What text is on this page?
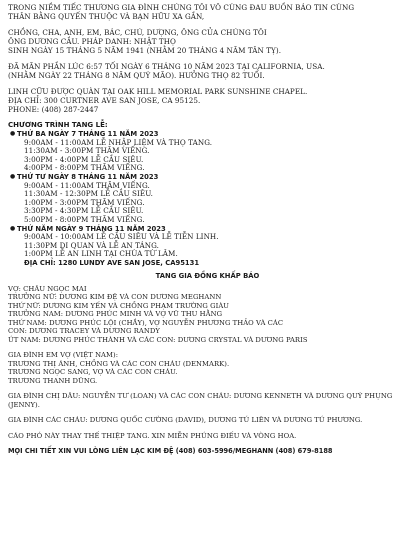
TRONG NIỀM TIẾC THƯƠNG GIA ĐÌNH CHÚNG TÔI VÔ CÙNG ĐAU BUỒN BÁO TIN CÙNG

THÂN BẰNG QUYẾN THUỘC VÀ BẠN HỮU XA GẦN,

CHỒNG, CHA, ANH, EM, BÁC, CHÚ, DƯỢNG, ÔNG CỦA CHÚNG TÔI

ÔNG DƯƠNG CẦU. PHÁP DANH: NHẬT THỌ

SINH NGÀY 15 THÁNG 5 NĂM 1941 (NHẰM 20 THÁNG 4 NĂM TÂN TỴ).

ĐÃ MÃN PHẦN LÚC 6:57 TỐI NGÀY 6 THÁNG 10 NĂM 2023 TẠI CALIFORNIA, USA.

(NHẰM NGÀY 22 THÁNG 8 NĂM QUÝ MÃO). HƯỞNG THỌ 82 TUỔI.

LINH CỮU ĐƯỢC QUÀN TẠI OAK HILL MEMORIAL PARK SUNSHINE CHAPEL.

ĐỊA CHỈ: 300 CURTNER AVE SAN JOSE, CA 95125.

PHONE: (408) 287-2447

CHƯƠNG TRÌNH TANG LỄ:
● THỨ BA NGÀY 7 THÁNG 11 NĂM 2023

9:00AM - 11:00AM LỄ NHẬP LIỆM VÀ THỌ TANG.

11:30AM - 3:00PM THĂM VIẾNG.

3:00PM - 4:00PM LỄ CẦU SIÊU.

4:00PM - 8:00PM THĂM VIẾNG.

● THỨ TƯ NGÀY 8 THÁNG 11 NĂM 2023

9:00AM - 11:00AM THĂM VIẾNG.

11:30AM - 12:30PM LỄ CẦU SIÊU.

1:00PM - 3:00PM THĂM VIẾNG.

3:30PM - 4:30PM LỄ CẦU SIÊU.

5:00PM - 8:00PM THĂM VIẾNG.

● THỨ NĂM NGÀY 9 THÁNG 11 NĂM 2023

9:00AM - 10:00AM LỄ CẦU SIÊU VÀ LỄ TIỄN LINH.

11:30PM DI QUAN VÀ LỄ AN TÁNG.

1:00PM LỄ AN LINH TẠI CHÙA TỪ LÂM.

ĐỊA CHỈ: 1280 LUNDY AVE SAN JOSE, CA95131
TANG GIA ĐỒNG KHẤP BÁO

VỢ: CHÂU NGỌC MAI

TRƯỞNG NỮ: DƯƠNG KIM ĐỆ VÀ CON DƯƠNG MEGHANN

THỨ NỮ: DƯƠNG KIM YẾN VÀ CHỒNG PHẠM TRƯỜNG GIÀU

TRƯỞNG NAM: DƯƠNG PHÚC MINH VÀ VỢ VŨ THU HẰNG

THỨ NAM: DƯƠNG PHÚC LỘI (CHẦY), VỢ NGUYỄN PHƯƠNG THẢO VÀ CÁC

CON: DƯƠNG TRACEY VÀ DƯƠNG RANDY

ÚT NAM: DƯƠNG PHÚC THÀNH VÀ CÁC CON: DƯƠNG CRYSTAL VÀ DƯƠNG PARIS

GIA ĐÌNH EM VỢ (VIỆT NAM):

TRƯƠNG THỊ ÁNH, CHỒNG VÀ CÁC CON CHÁU (DENMARK).

TRƯƠNG NGỌC SANG, VỢ VÀ CÁC CON CHÁU.

TRƯƠNG THANH DŨNG.

GIA ĐÌNH CHỊ DÂU: NGUYỄN TƯ (LOAN) VÀ CÁC CON CHÁU: DƯƠNG KENNETH VÀ DƯƠNG QUÝ PHỤNG

(JENNY).

GIA ĐÌNH CÁC CHÁU: DƯƠNG QUỐC CƯỜNG (DAVID), DƯƠNG TÚ LIÊN VÀ DƯƠNG TÚ PHƯƠNG.

CÁO PHÓ NÀY THAY THẾ THIỆP TANG. XIN MIỄN PHÚNG ĐIẾU VÀ VÒNG HOA.

MỌI CHI TIẾT XIN VUI LÒNG LIÊN LẠC KIM ĐỆ (408) 603-5996/MEGHANN (408) 679-8188
